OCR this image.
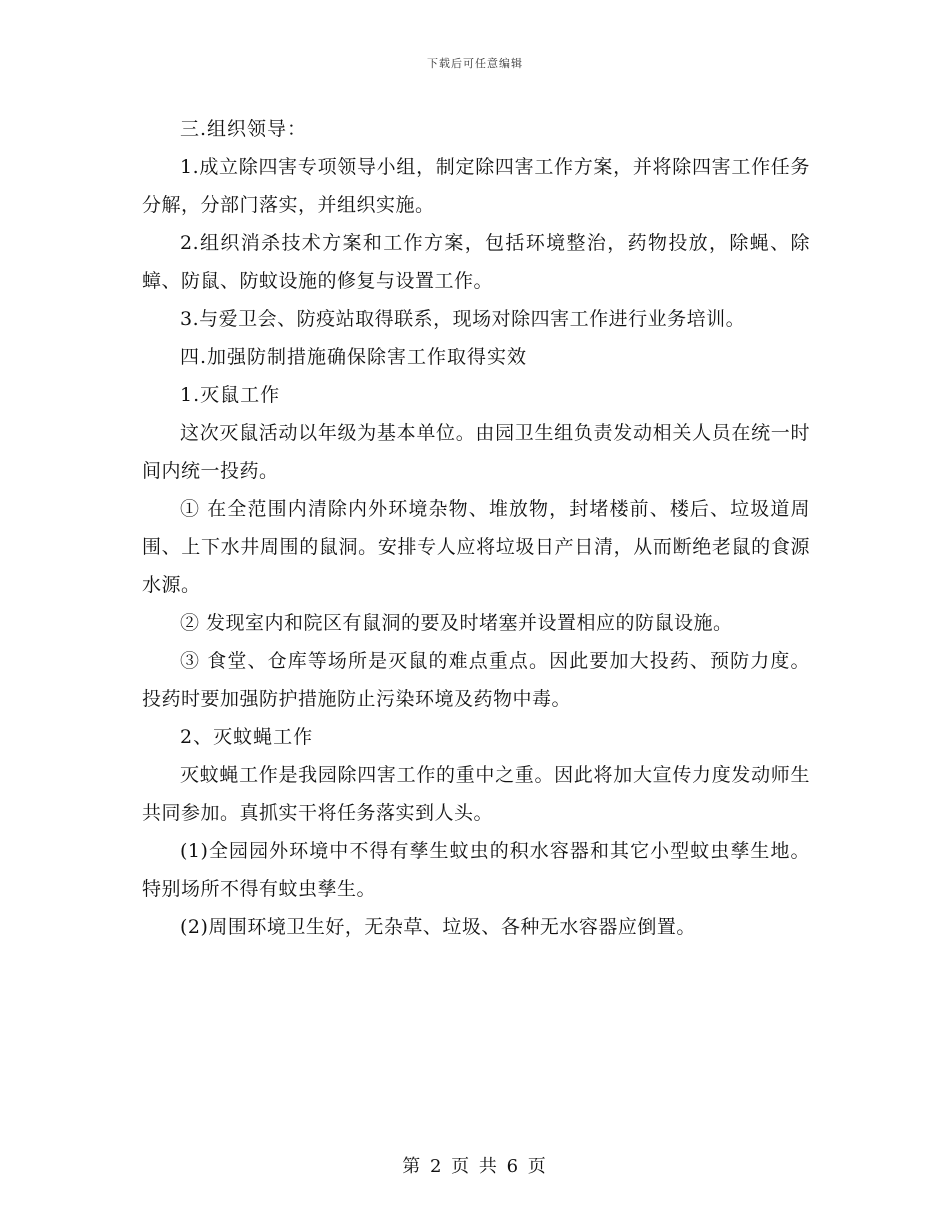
下载后可任意编辑

三.组织领导：

1.成立除四害专项领导小组，制定除四害工作方案，并将除四害工作任务分解，分部门落实，并组织实施。

2.组织消杀技术方案和工作方案，包括环境整治，药物投放，除蝇、除蟑、防鼠、防蚊设施的修复与设置工作。

3.与爱卫会、防疫站取得联系，现场对除四害工作进行业务培训。

四.加强防制措施确保除害工作取得实效

1.灭鼠工作

这次灭鼠活动以年级为基本单位。由园卫生组负责发动相关人员在统一时间内统一投药。

① 在全范围内清除内外环境杂物、堆放物，封堵楼前、楼后、垃圾道周围、上下水井周围的鼠洞。安排专人应将垃圾日产日清，从而断绝老鼠的食源水源。

② 发现室内和院区有鼠洞的要及时堵塞并设置相应的防鼠设施。

③ 食堂、仓库等场所是灭鼠的难点重点。因此要加大投药、预防力度。投药时要加强防护措施防止污染环境及药物中毒。

2、灭蚊蝇工作

灭蚊蝇工作是我园除四害工作的重中之重。因此将加大宣传力度发动师生共同参加。真抓实干将任务落实到人头。

(1)全园园外环境中不得有孳生蚊虫的积水容器和其它小型蚊虫孳生地。特别场所不得有蚊虫孳生。

(2)周围环境卫生好，无杂草、垃圾、各种无水容器应倒置。

第 2 页 共 6 页
